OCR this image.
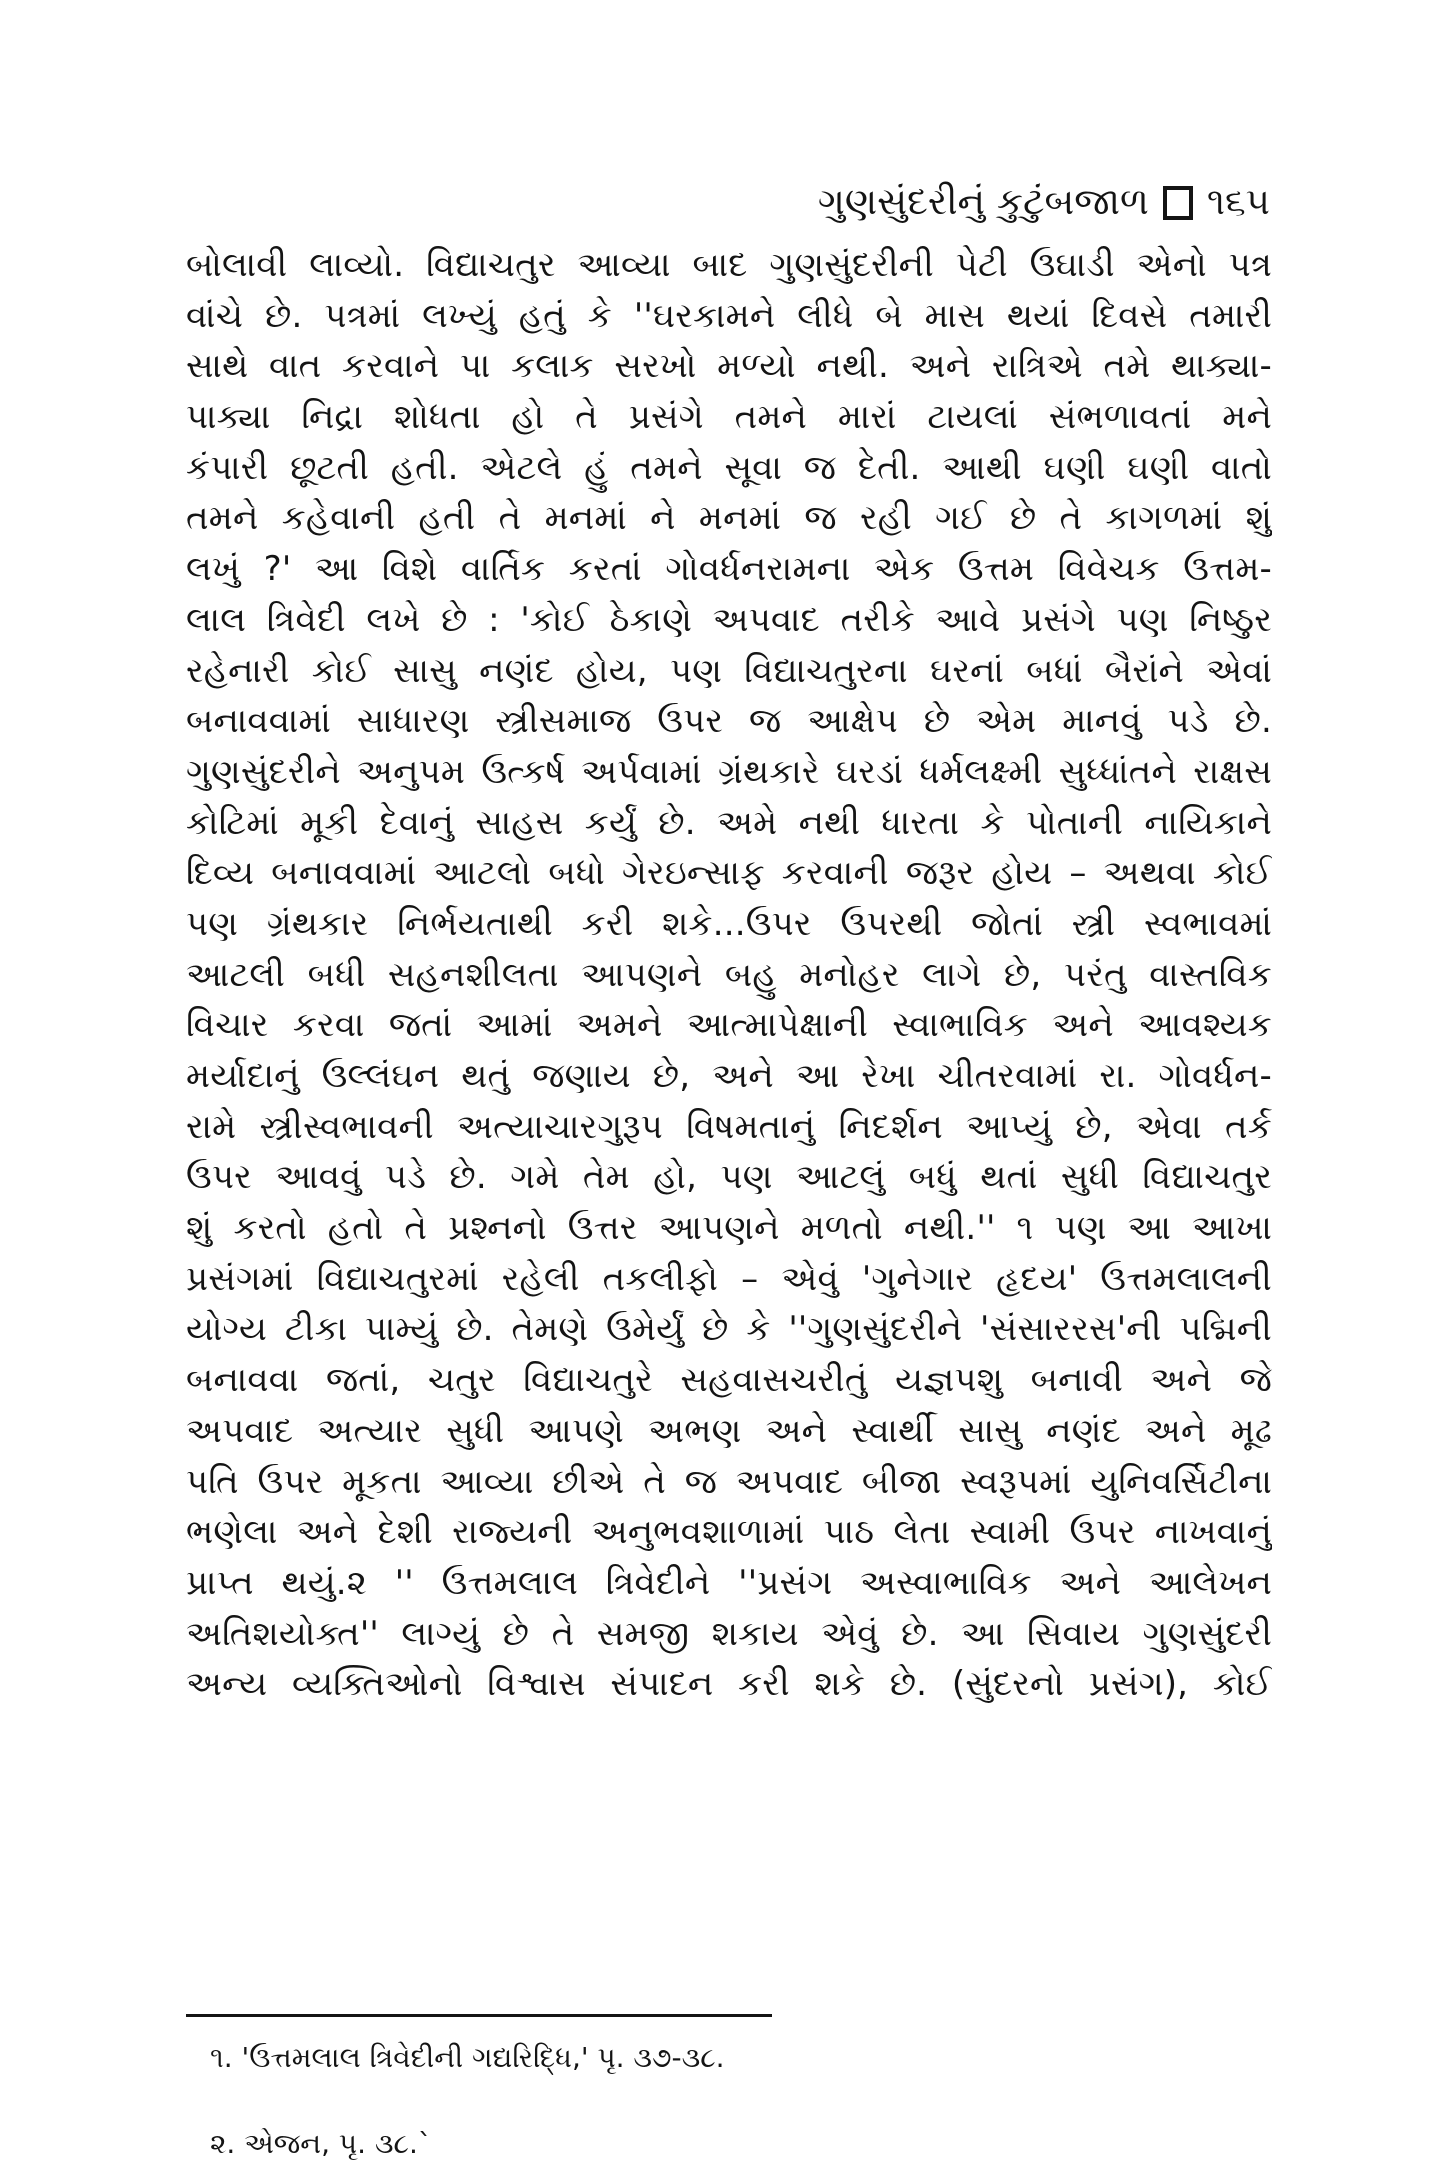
ગુણસુંદરીનું કુટુંબજાળ ૧૬૫
બોલાવી લાવ્યો. વિદ્યાચતુર આવ્યા બાદ ગુણસુંદરીની પેટી ઉઘાડી એનો પત્ર
વાંચે છે. પત્રમાં લખ્યું હતું કે ''ઘરકામને લીધે બે માસ થયાં દિવસે તમારી
સાથે વાત કરવાને પા કલાક સરખો મળ્યો નથી. અને રાત્રિએ તમે થાક્યા-
પાક્યા નિદ્રા શોધતા હો તે પ્રસંગે તમને મારાં ટાયલાં સંભળાવતાં મને
કંપારી છૂટતી હતી. એટલે હું તમને સૂવા જ દેતી. આથી ઘણી ઘણી વાતો
તમને કહેવાની હતી તે મનમાં ને મનમાં જ રહી ગઈ છે તે કાગળમાં શું
લખું ?' આ વિશે વાર્તિક કરતાં ગોવર્ધનરામના એક ઉત્તમ વિવેચક ઉત્તમ-
લાલ ત્રિવેદી લખે છે : 'કોઈ ઠેકાણે અપવાદ તરીકે આવે પ્રસંગે પણ નિષ્ઠુર
રહેનારી કોઈ સાસુ નણંદ હોય, પણ વિદ્યાચતુરના ઘરનાં બધાં બૈરાંને એવાં
બનાવવામાં સાધારણ સ્ત્રીસમાજ ઉપર જ આક્ષેપ છે એમ માનવું પડે છે.
ગુણસુંદરીને અનુપમ ઉત્કર્ષ અર્પવામાં ગ્રંથકારે ઘરડાં ધર્મલક્ષ્મી સુધ્ધાંતને રાક્ષસ
કોટિમાં મૂકી દેવાનું સાહસ કર્યું છે. અમે નથી ધારતા કે પોતાની નાયિકાને
દિવ્ય બનાવવામાં આટલો બધો ગેરઇન્સાફ કરવાની જરૂર હોય – અથવા કોઈ
પણ ગ્રંથકાર નિર્ભયતાથી કરી શકે...ઉપર ઉપરથી જોતાં સ્ત્રી સ્વભાવમાં
આટલી બધી સહનશીલતા આપણને બહુ મનોહર લાગે છે, પરંતુ વાસ્તવિક
વિચાર કરવા જતાં આમાં અમને આત્માપેક્ષાની સ્વાભાવિક અને આવશ્યક
મર્યાદાનું ઉલ્લંઘન થતું જણાય છે, અને આ રેખા ચીતરવામાં રા. ગોવર્ધન-
રામે સ્ત્રીસ્વભાવની અત્યાચારગુરૂપ વિષમતાનું નિદર્શન આપ્યું છે, એવા તર્ક
ઉપર આવવું પડે છે. ગમે તેમ હો, પણ આટલું બધું થતાં સુધી વિદ્યાચતુર
શું કરતો હતો તે પ્રશ્નનો ઉત્તર આપણને મળતો નથી.'' ૧ પણ આ આખા
પ્રસંગમાં વિદ્યાચતુરમાં રહેલી તકલીફો – એવું 'ગુનેગાર હૃદય' ઉત્તમલાલની
યોગ્ય ટીકા પામ્યું છે. તેમણે ઉમેર્યું છે કે ''ગુણસુંદરીને 'સંસારરસ'ની પદ્મિની
બનાવવા જતાં, ચતુર વિદ્યાચતુરે સહવાસચરીતું યજ્ઞપશુ બનાવી અને જે
અપવાદ અત્યાર સુધી આપણે અભણ અને સ્વાર્થી સાસુ નણંદ અને મૂઢ
પતિ ઉપર મૂકતા આવ્યા છીએ તે જ અપવાદ બીજા સ્વરૂપમાં યુનિવર્સિટીના
ભણેલા અને દેશી રાજ્યની અનુભવશાળામાં પાઠ લેતા સ્વામી ઉપર નાખવાનું
પ્રાપ્ત થયું.૨ '' ઉત્તમલાલ ત્રિવેદીને ''પ્રસંગ અસ્વાભાવિક અને આલેખન
અતિશયોક્ત'' લાગ્યું છે તે સમજી શકાય એવું છે. આ સિવાય ગુણસુંદરી
અન્ય વ્યક્તિઓનો વિશ્વાસ સંપાદન કરી શકે છે. (સુંદરનો પ્રસંગ), કોઈ
૧. 'ઉત્તમલાલ ત્રિવેદીની ગદ્યરિદ્ધિ,' પૃ. ૩૭-૩૮.
૨. એજન, પૃ. ૩૮.`
